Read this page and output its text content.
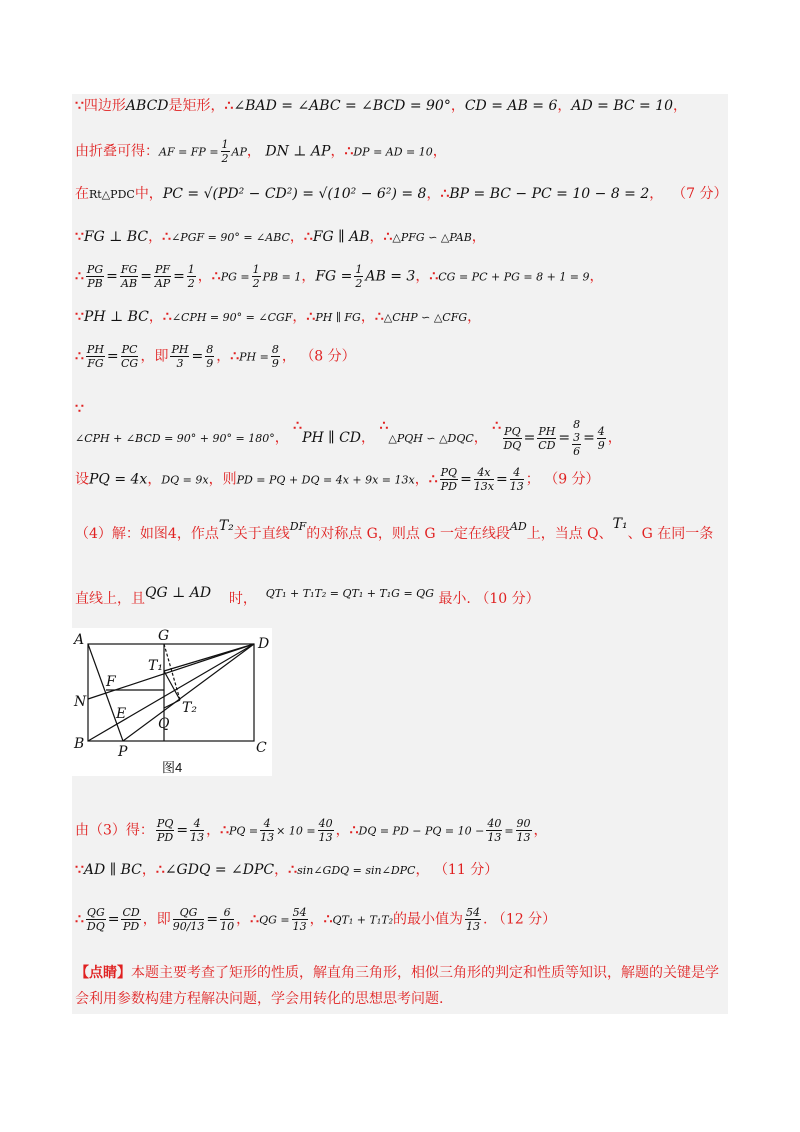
∵四边形ABCD是矩形，∴∠BAD = ∠ABC = ∠BCD = 90°，CD = AB = 6，AD = BC = 10，
由折叠可得：AF = FP = $\frac{1}{2}$ AP， DN ⊥ AP，∴DP = AD = 10，
在Rt△PDC中，PC = √(PD² − CD²) = √(10² − 6²) = 8，∴BP = BC − PC = 10 − 8 = 2， （7 分）
∵FG ⊥ BC，∴∠PGF = 90° = ∠ABC，∴FG ∥ AB，∴△PFG ∽ △PAB，
∴ $\frac{PG}{PB} = \frac{FG}{AB} = \frac{PF}{AP} = \frac{1}{2}$ ，∴PG = $\frac{1}{2}$ PB = 1，FG = $\frac{1}{2}$ AB = 3，∴CG = PC + PG = 8 + 1 = 9，
∵PH ⊥ BC，∴∠CPH = 90° = ∠CGF，∴PH ∥ FG，∴△CHP ∽ △CFG，
∴ $\frac{PH}{FG} = \frac{PC}{CG}$ ，即 $\frac{PH}{3} = \frac{8}{9}$ ，∴PH = $\frac{8}{9}$ ， （8 分）
∵
∠CPH + ∠BCD = 90° + 90° = 180°， ∴PH ∥ CD， ∴△PQH ∽ △DQC， ∴ $\frac{PQ}{DQ} = \frac{PH}{CD}$ =
8
3
6
= $\frac{4}{9}$ ，
设PQ = 4x，DQ = 9x，则PD = PQ + DQ = 4x + 9x = 13x，∴ $\frac{PQ}{PD} = \frac{4x}{13x} = \frac{4}{13}$ ； （9 分）
（4）解：如图4，作点T₂关于直线$^{DF}$的对称点 G，则点 G 一定在线段$^{AD}$上，当点 Q、T₁、G 在同一条
直线上，且QG ⊥ AD 时， $^{QT_1 + T_1T_2 = QT_1 + T_1G = QG}$ 最小. （10 分）
A	D
B	C
G
N
F
E
Q
P
T₁
T₂
图4
由（3）得： $\frac{PQ}{PD} = \frac{4}{13}$ ，∴PQ = $\frac{4}{13} \times 10 = \frac{40}{13}$ ，∴DQ = PD − PQ = $10 - \frac{40}{13} = \frac{90}{13}$ ，
∵AD ∥ BC，∴∠GDQ = ∠DPC，∴sin∠GDQ = sin∠DPC， （11 分）
∴ $\frac{QG}{DQ} = \frac{CD}{PD}$ ，即 $\frac{QG}{90/13} = \frac{6}{10}$ ，∴QG = $\frac{54}{13}$ ，∴QT₁ + T₁T₂的最小值为 $\frac{54}{13}$ . （12 分）
【点睛】本题主要考查了矩形的性质，解直角三角形，相似三角形的判定和性质等知识，解题的关键是学会利用参数构建方程解决问题，学会用转化的思想思考问题.
